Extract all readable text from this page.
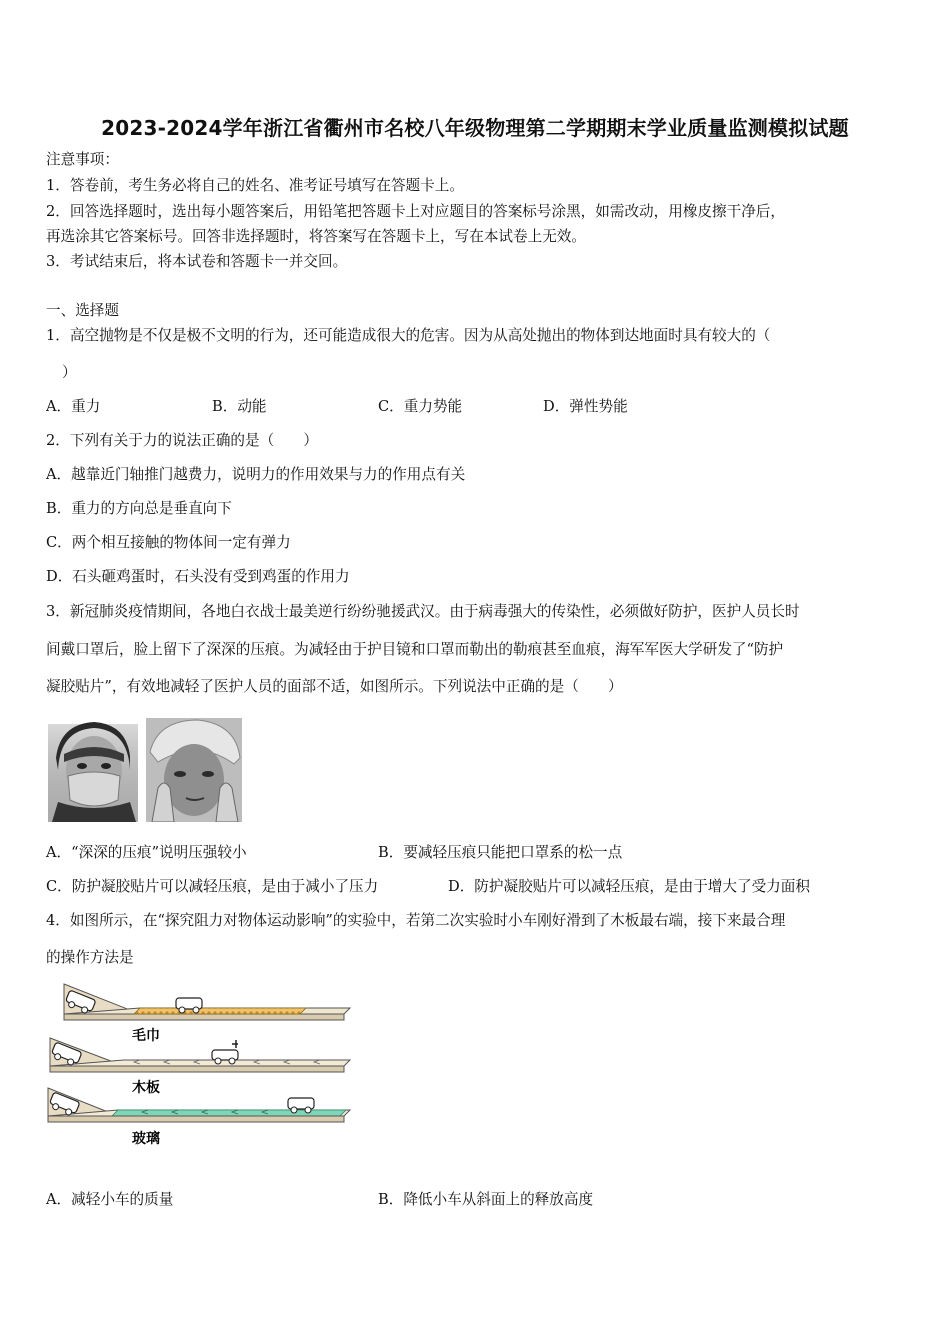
2023-2024学年浙江省衢州市名校八年级物理第二学期期末学业质量监测模拟试题
注意事项：
1．答卷前，考生务必将自己的姓名、准考证号填写在答题卡上。
2．回答选择题时，选出每小题答案后，用铅笔把答题卡上对应题目的答案标号涂黑，如需改动，用橡皮擦干净后，
再选涂其它答案标号。回答非选择题时，将答案写在答题卡上，写在本试卷上无效。
3．考试结束后，将本试卷和答题卡一并交回。
一、选择题
1．高空抛物是不仅是极不文明的行为，还可能造成很大的危害。因为从高处抛出的物体到达地面时具有较大的（
）
A．重力	B．动能	C．重力势能	D．弹性势能
2．下列有关于力的说法正确的是（　　）
A．越靠近门轴推门越费力，说明力的作用效果与力的作用点有关
B．重力的方向总是垂直向下
C．两个相互接触的物体间一定有弹力
D．石头砸鸡蛋时，石头没有受到鸡蛋的作用力
3．新冠肺炎疫情期间，各地白衣战士最美逆行纷纷驰援武汉。由于病毒强大的传染性，必须做好防护，医护人员长时
间戴口罩后，脸上留下了深深的压痕。为减轻由于护目镜和口罩而勒出的勒痕甚至血痕，海军军医大学研发了“防护
凝胶贴片”，有效地减轻了医护人员的面部不适，如图所示。下列说法中正确的是（　　）
A．“深深的压痕”说明压强较小	B．要减轻压痕只能把口罩系的松一点
C．防护凝胶贴片可以减轻压痕，是由于减小了压力	D．防护凝胶贴片可以减轻压痕，是由于增大了受力面积
4．如图所示，在“探究阻力对物体运动影响”的实验中，若第二次实验时小车刚好滑到了木板最右端，接下来最合理
的操作方法是
毛巾
木板
玻璃
A．减轻小车的质量	B．降低小车从斜面上的释放高度
